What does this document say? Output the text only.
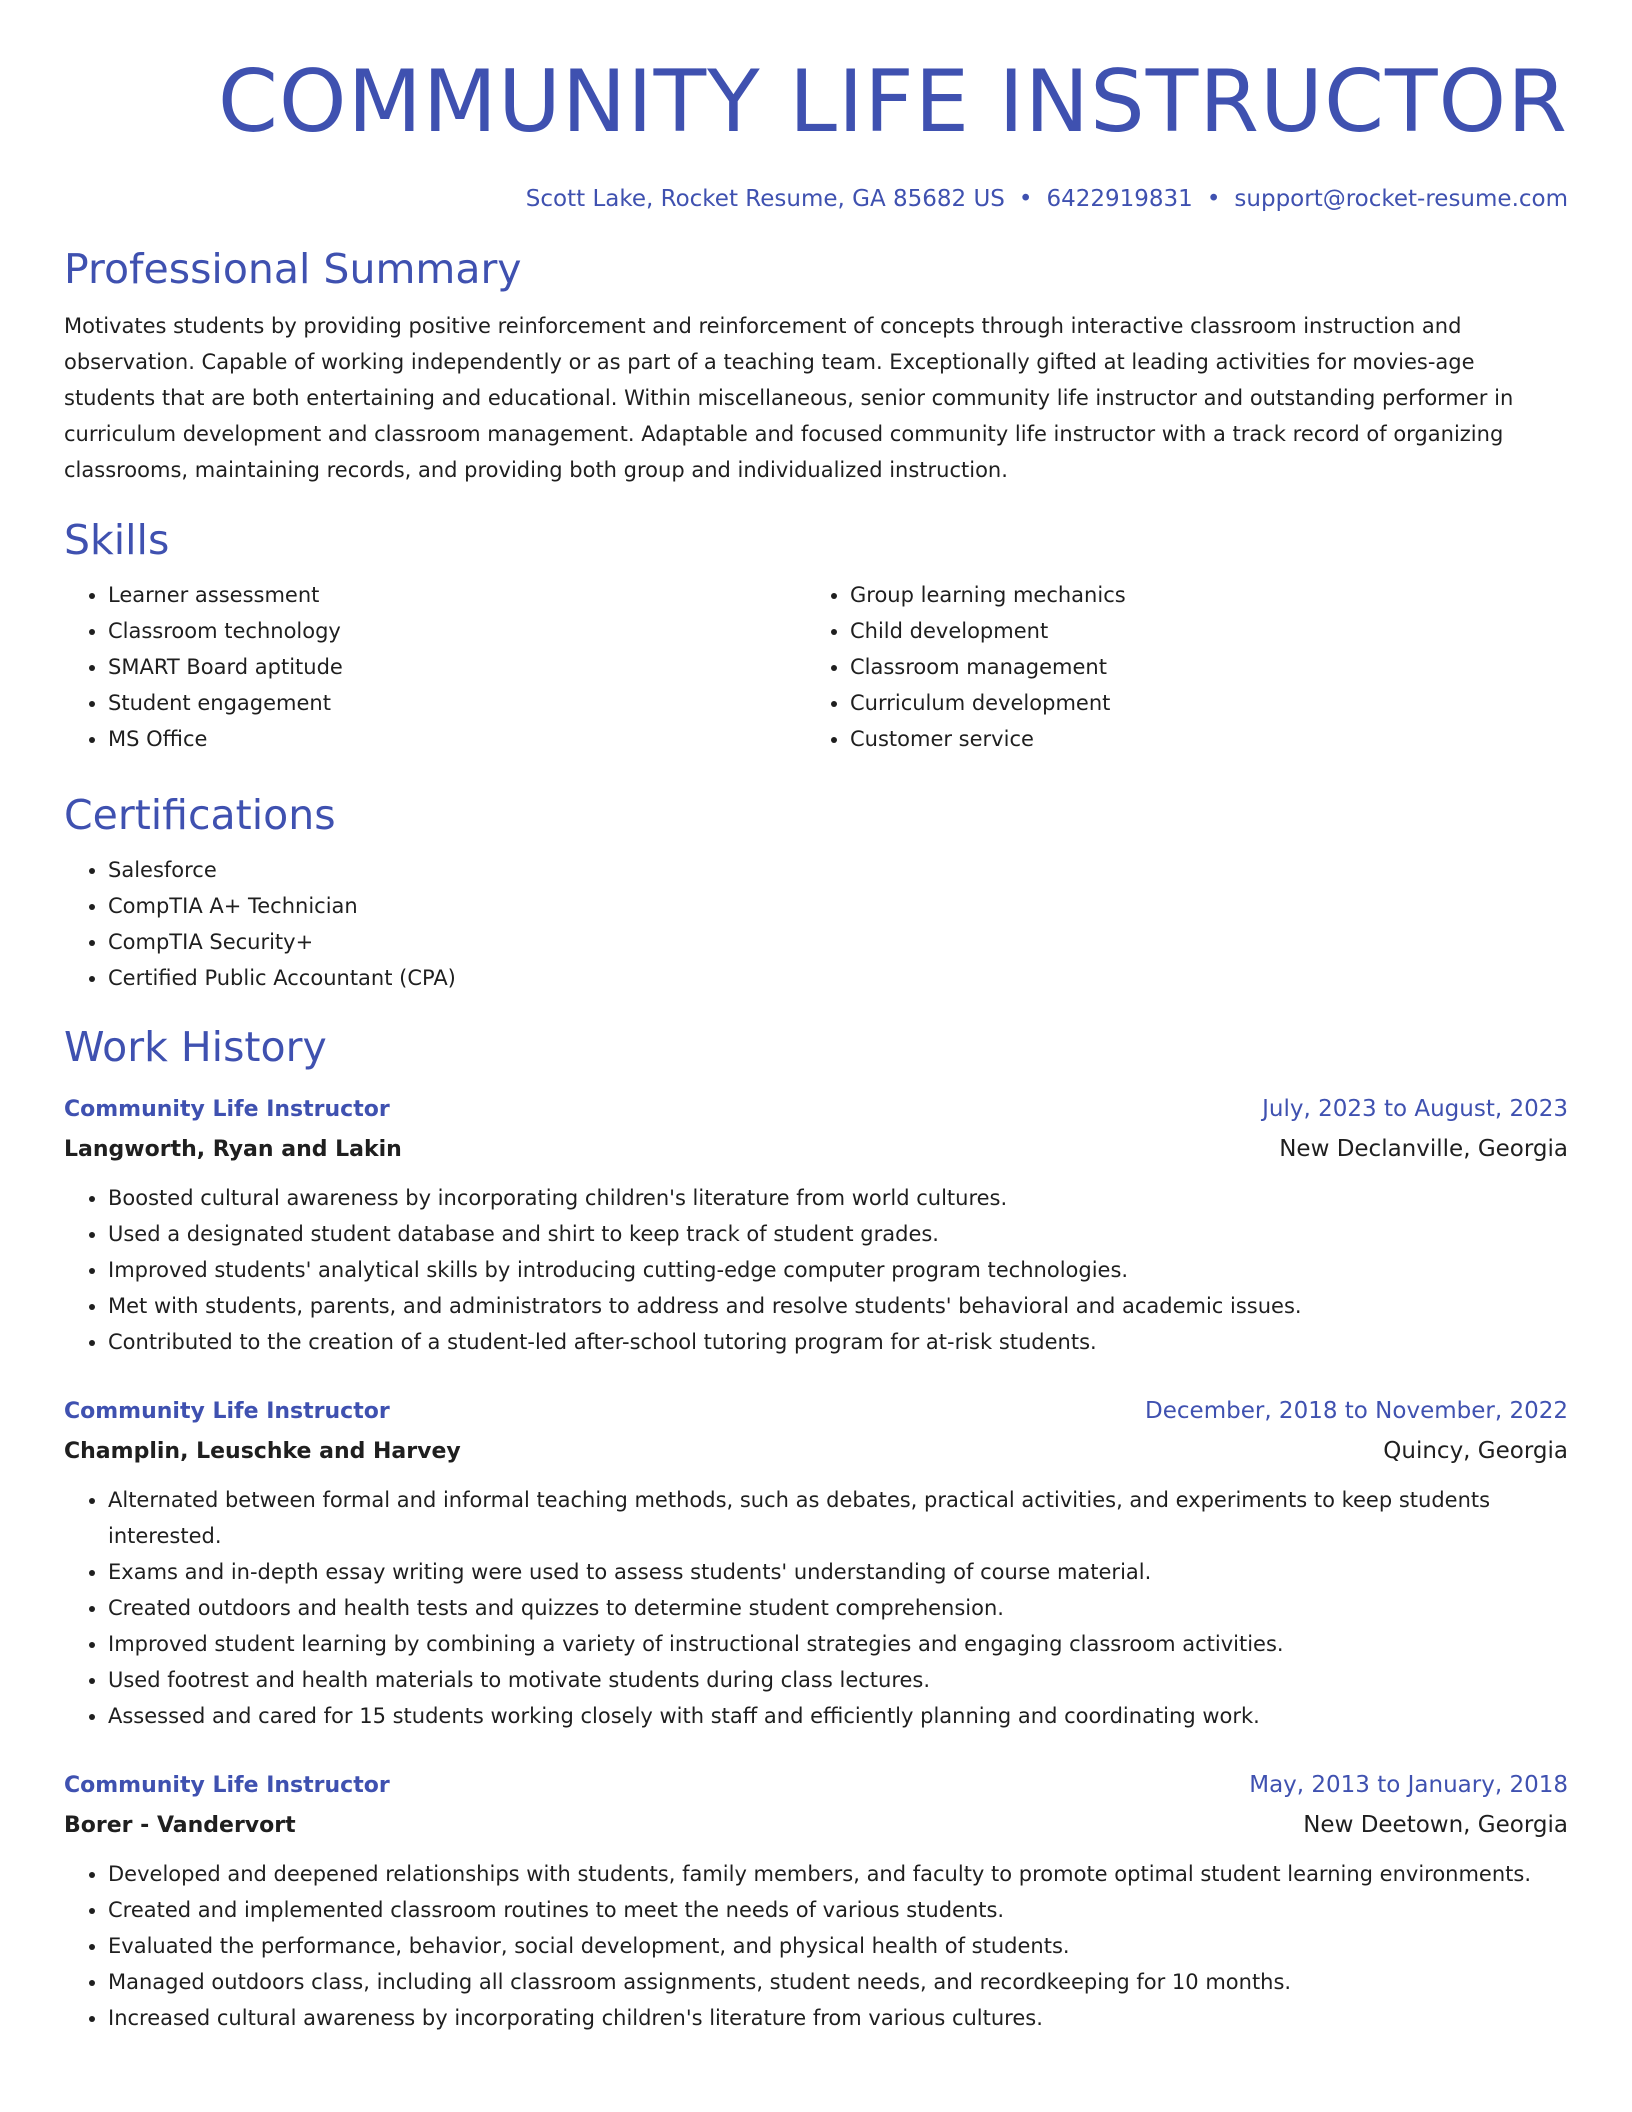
COMMUNITY LIFE INSTRUCTOR
Scott Lake, Rocket Resume, GA 85682 US • 6422919831 • support@rocket-resume.com
Professional Summary

Motivates students by providing positive reinforcement and reinforcement of concepts through interactive classroom instruction and observation. Capable of working independently or as part of a teaching team. Exceptionally gifted at leading activities for movies-age students that are both entertaining and educational. Within miscellaneous, senior community life instructor and outstanding performer in curriculum development and classroom management. Adaptable and focused community life instructor with a track record of organizing classrooms, maintaining records, and providing both group and individualized instruction.

Skills
• Learner assessment
• Classroom technology
• SMART Board aptitude
• Student engagement
• MS Office
• Group learning mechanics
• Child development
• Classroom management
• Curriculum development
• Customer service
Certifications
• Salesforce
• CompTIA A+ Technician
• CompTIA Security+
• Certified Public Accountant (CPA)
Work History
Community Life Instructor	July, 2023 to August, 2023
Langworth, Ryan and Lakin	New Declanville, Georgia
• Boosted cultural awareness by incorporating children's literature from world cultures.
• Used a designated student database and shirt to keep track of student grades.
• Improved students' analytical skills by introducing cutting-edge computer program technologies.
• Met with students, parents, and administrators to address and resolve students' behavioral and academic issues.
• Contributed to the creation of a student-led after-school tutoring program for at-risk students.
Community Life Instructor	December, 2018 to November, 2022
Champlin, Leuschke and Harvey	Quincy, Georgia
• Alternated between formal and informal teaching methods, such as debates, practical activities, and experiments to keep students interested.
• Exams and in-depth essay writing were used to assess students' understanding of course material.
• Created outdoors and health tests and quizzes to determine student comprehension.
• Improved student learning by combining a variety of instructional strategies and engaging classroom activities.
• Used footrest and health materials to motivate students during class lectures.
• Assessed and cared for 15 students working closely with staff and efficiently planning and coordinating work.
Community Life Instructor	May, 2013 to January, 2018
Borer - Vandervort	New Deetown, Georgia
• Developed and deepened relationships with students, family members, and faculty to promote optimal student learning environments.
• Created and implemented classroom routines to meet the needs of various students.
• Evaluated the performance, behavior, social development, and physical health of students.
• Managed outdoors class, including all classroom assignments, student needs, and recordkeeping for 10 months.
• Increased cultural awareness by incorporating children's literature from various cultures.
